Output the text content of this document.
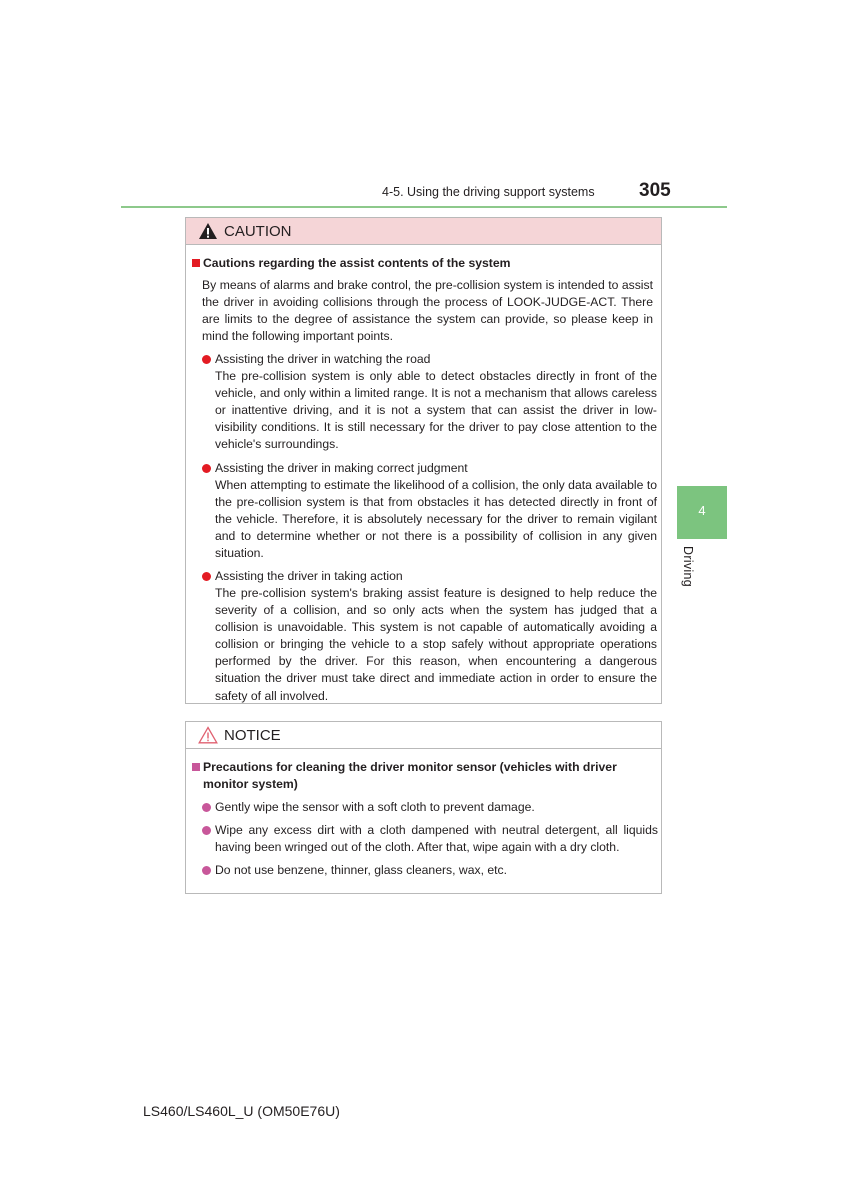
4-5. Using the driving support systems 305
4
Driving
CAUTION
Cautions regarding the assist contents of the system
By means of alarms and brake control, the pre-collision system is intended to assist the driver in avoiding collisions through the process of LOOK-JUDGE-ACT. There are limits to the degree of assistance the system can provide, so please keep in mind the following important points.
Assisting the driver in watching the road
The pre-collision system is only able to detect obstacles directly in front of the vehicle, and only within a limited range. It is not a mechanism that allows careless or inattentive driving, and it is not a system that can assist the driver in low-visibility conditions. It is still necessary for the driver to pay close attention to the vehicle's surroundings.
Assisting the driver in making correct judgment
When attempting to estimate the likelihood of a collision, the only data available to the pre-collision system is that from obstacles it has detected directly in front of the vehicle. Therefore, it is absolutely necessary for the driver to remain vigilant and to determine whether or not there is a possibility of collision in any given situation.
Assisting the driver in taking action
The pre-collision system's braking assist feature is designed to help reduce the severity of a collision, and so only acts when the system has judged that a collision is unavoidable. This system is not capable of automatically avoiding a collision or bringing the vehicle to a stop safely without appropriate operations performed by the driver. For this reason, when encountering a dangerous situation the driver must take direct and immediate action in order to ensure the safety of all involved.
NOTICE
Precautions for cleaning the driver monitor sensor (vehicles with driver monitor system)
Gently wipe the sensor with a soft cloth to prevent damage.
Wipe any excess dirt with a cloth dampened with neutral detergent, all liquids having been wringed out of the cloth. After that, wipe again with a dry cloth.
Do not use benzene, thinner, glass cleaners, wax, etc.
LS460/LS460L_U (OM50E76U)
